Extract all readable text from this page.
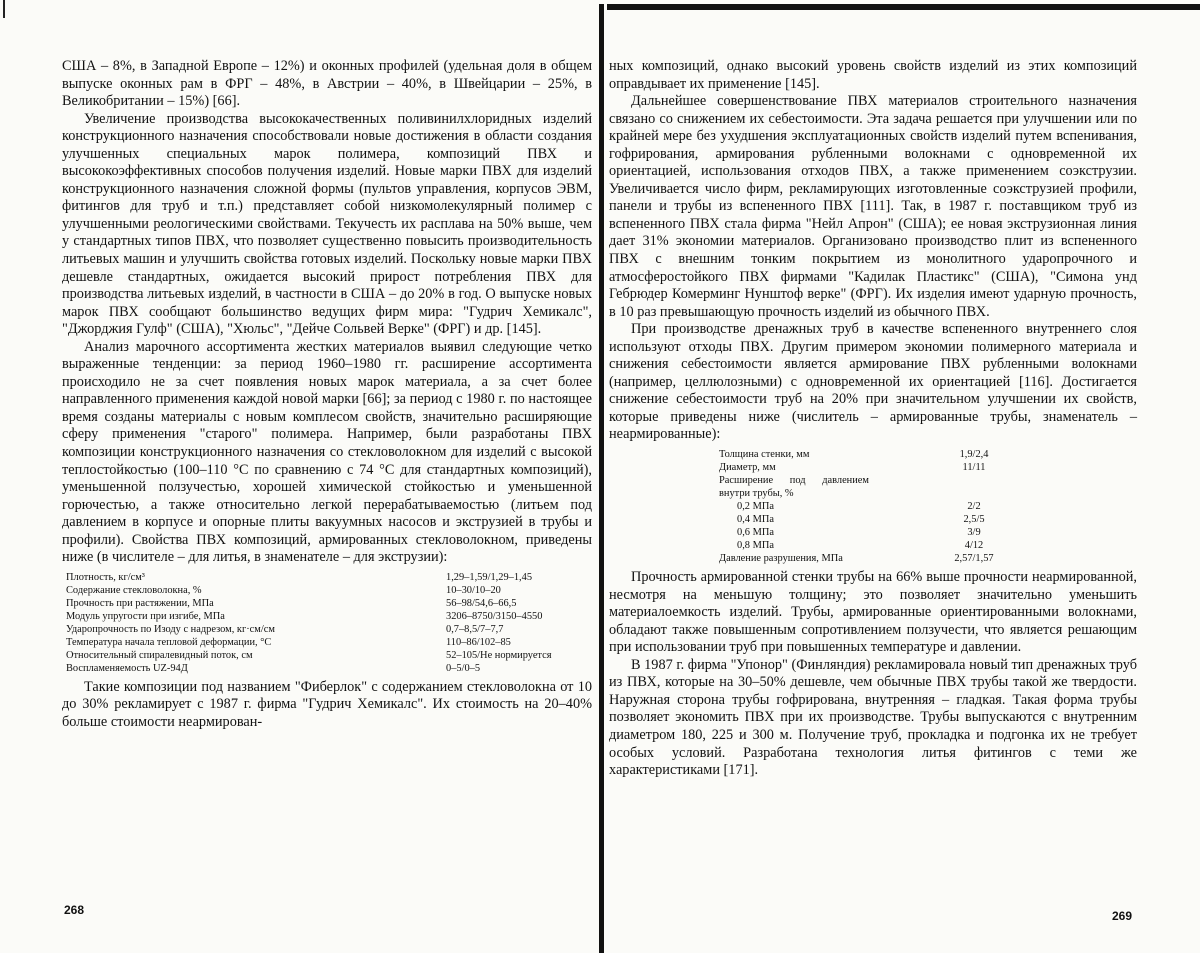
США – 8%, в Западной Европе – 12%) и оконных профилей (удельная доля в общем выпуске оконных рам в ФРГ – 48%, в Австрии – 40%, в Швейцарии – 25%, в Великобритании – 15%) [66].

Увеличение производства высококачественных поливинилхлоридных изделий конструкционного назначения способствовали новые достижения в области создания улучшенных специальных марок полимера, композиций ПВХ и высококоэффективных способов получения изделий. Новые марки ПВХ для изделий конструкционного назначения сложной формы (пультов управления, корпусов ЭВМ, фитингов для труб и т.п.) представляет собой низкомолекулярный полимер с улучшенными реологическими свойствами. Текучесть их расплава на 50% выше, чем у стандартных типов ПВХ, что позволяет существенно повысить производительность литьевых машин и улучшить свойства готовых изделий. Поскольку новые марки ПВХ дешевле стандартных, ожидается высокий прирост потребления ПВХ для производства литьевых изделий, в частности в США – до 20% в год. О выпуске новых марок ПВХ сообщают большинство ведущих фирм мира: "Гудрич Хемикалс", "Джорджия Гулф" (США), "Хюльс", "Дейче Сольвей Верке" (ФРГ) и др. [145].

Анализ марочного ассортимента жестких материалов выявил следующие четко выраженные тенденции: за период 1960–1980 гг. расширение ассортимента происходило не за счет появления новых марок материала, а за счет более направленного применения каждой новой марки [66]; за период с 1980 г. по настоящее время созданы материалы с новым комплесом свойств, значительно расширяющие сферу применения "старого" полимера. Например, были разработаны ПВХ композиции конструкционного назначения со стекловолокном для изделий с высокой теплостойкостью (100–110 °С по сравнению с 74 °С для стандартных композиций), уменьшенной ползучестью, хорошей химической стойкостью и уменьшенной горючестью, а также относительно легкой перерабатываемостью (литьем под давлением в корпусе и опорные плиты вакуумных насосов и экструзией в трубы и профили). Свойства ПВХ композиций, армированных стекловолокном, приведены ниже (в числителе – для литья, в знаменателе – для экструзии):

Плотность, кг/см³	1,29–1,59/1,29–1,45
Содержание стекловолокна, %	10–30/10–20
Прочность при растяжении, МПа	56–98/54,6–66,5
Модуль упругости при изгибе, МПа	3206–8750/3150–4550

Ударопрочность по Изоду с надрезом, кг·см/см	0,7–8,5/7–7,7
Температура начала тепловой деформации, °С	110–86/102–85
Относительный спиралевидный поток, см	52–105/Не нормируется
Воспламеняемость UZ-94Д	0–5/0–5

Такие композиции под названием "Фиберлок" с содержанием стекловолокна от 10 до 30% рекламирует с 1987 г. фирма "Гудрич Хемикалс". Их стоимость на 20–40% больше стоимости неармирован-

268

ных композиций, однако высокий уровень свойств изделий из этих композиций оправдывает их применение [145].

Дальнейшее совершенствование ПВХ материалов строительного назначения связано со снижением их себестоимости. Эта задача решается при улучшении или по крайней мере без ухудшения эксплуатационных свойств изделий путем вспенивания, гофрирования, армирования рубленными волокнами с одновременной их ориентацией, использования отходов ПВХ, а также применением соэкструзии. Увеличивается число фирм, рекламирующих изготовленные соэкструзией профили, панели и трубы из вспененного ПВХ [111]. Так, в 1987 г. поставщиком труб из вспененного ПВХ стала фирма "Нейл Апрон" (США); ее новая экструзионная линия дает 31% экономии материалов. Организовано производство плит из вспененного ПВХ с внешним тонким покрытием из монолитного ударопрочного и атмосферостойкого ПВХ фирмами "Кадилак Пластикс" (США), "Симона унд Гебрюдер Комерминг Нунштоф верке" (ФРГ). Их изделия имеют ударную прочность, в 10 раз превышающую прочность изделий из обычного ПВХ.

При производстве дренажных труб в качестве вспененного внутреннего слоя используют отходы ПВХ. Другим примером экономии полимерного материала и снижения себестоимости является армирование ПВХ рубленными волокнами (например, целлюлозными) с одновременной их ориентацией [116]. Достигается снижение себестоимости труб на 20% при значительном улучшении их свойств, которые приведены ниже (числитель – армированные трубы, знаменатель – неармированные):

Толщина стенки, мм	1,9/2,4
Диаметр, мм	11/11

Расширение под давлением внутри трубы, %

0,2 МПа	2/2
0,4 МПа	2,5/5
0,6 МПа	3/9
0,8 МПа	4/12
Давление разрушения, МПа	2,57/1,57

Прочность армированной стенки трубы на 66% выше прочности неармированной, несмотря на меньшую толщину; это позволяет значительно уменьшить материалоемкость изделий. Трубы, армированные ориентированными волокнами, обладают также повышенным сопротивлением ползучести, что является решающим при использовании труб при повышенных температуре и давлении.

В 1987 г. фирма "Упонор" (Финляндия) рекламировала новый тип дренажных труб из ПВХ, которые на 30–50% дешевле, чем обычные ПВХ трубы такой же твердости. Наружная сторона трубы гофрирована, внутренняя – гладкая. Такая форма трубы позволяет экономить ПВХ при их производстве. Трубы выпускаются с внутренним диаметром 180, 225 и 300 м. Получение труб, прокладка и подгонка их не требует особых условий. Разработана технология литья фитингов с теми же характеристиками [171].

269
